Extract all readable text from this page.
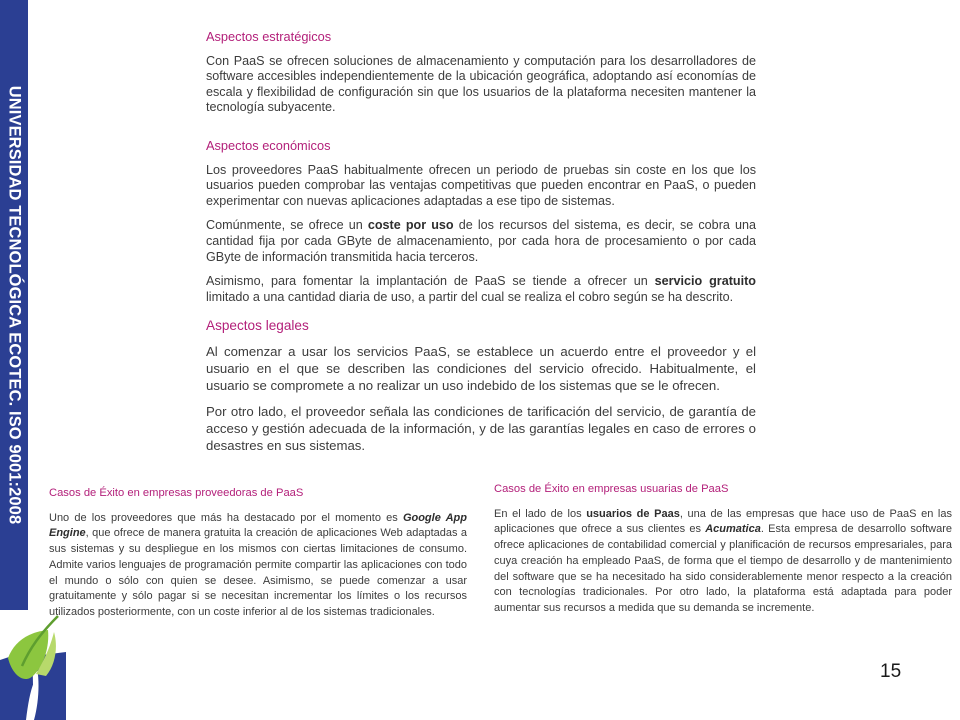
UNIVERSIDAD TECNOLÓGICA ECOTEC. ISO 9001:2008
Aspectos estratégicos

Con PaaS se ofrecen soluciones de almacenamiento y computación para los desarrolladores de software accesibles independientemente de la ubicación geográfica, adoptando así economías de escala y flexibilidad de configuración sin que los usuarios de la plataforma necesiten mantener la tecnología subyacente.

Aspectos económicos

Los proveedores PaaS habitualmente ofrecen un periodo de pruebas sin coste en los que los usuarios pueden comprobar las ventajas competitivas que pueden encontrar en PaaS, o pueden experimentar con nuevas aplicaciones adaptadas a ese tipo de sistemas.

Comúnmente, se ofrece un coste por uso de los recursos del sistema, es decir, se cobra una cantidad fija por cada GByte de almacenamiento, por cada hora de procesamiento o por cada GByte de información transmitida hacia terceros.

Asimismo, para fomentar la implantación de PaaS se tiende a ofrecer un servicio gratuito limitado a una cantidad diaria de uso, a partir del cual se realiza el cobro según se ha descrito.

Aspectos legales

Al comenzar a usar los servicios PaaS, se establece un acuerdo entre el proveedor y el usuario en el que se describen las condiciones del servicio ofrecido. Habitualmente, el usuario se compromete a no realizar un uso indebido de los sistemas que se le ofrecen.

Por otro lado, el proveedor señala las condiciones de tarificación del servicio, de garantía de acceso y gestión adecuada de la información, y de las garantías legales en caso de errores o desastres en sus sistemas.

Casos de Éxito en empresas proveedoras de PaaS

Uno de los proveedores que más ha destacado por el momento es Google App Engine, que ofrece de manera gratuita la creación de aplicaciones Web adaptadas a sus sistemas y su despliegue en los mismos con ciertas limitaciones de consumo. Admite varios lenguajes de programación permite compartir las aplicaciones con todo el mundo o sólo con quien se desee. Asimismo, se puede comenzar a usar gratuitamente y sólo pagar si se necesitan incrementar los límites o los recursos utilizados posteriormente, con un coste inferior al de los sistemas tradicionales.

Casos de Éxito en empresas usuarias de PaaS

En el lado de los usuarios de Paas, una de las empresas que hace uso de PaaS en las aplicaciones que ofrece a sus clientes es Acumatica. Esta empresa de desarrollo software ofrece aplicaciones de contabilidad comercial y planificación de recursos empresariales, para cuya creación ha empleado PaaS, de forma que el tiempo de desarrollo y de mantenimiento del software que se ha necesitado ha sido considerablemente menor respecto a la creación con tecnologías tradicionales. Por otro lado, la plataforma está adaptada para poder aumentar sus recursos a medida que su demanda se incremente.

15
